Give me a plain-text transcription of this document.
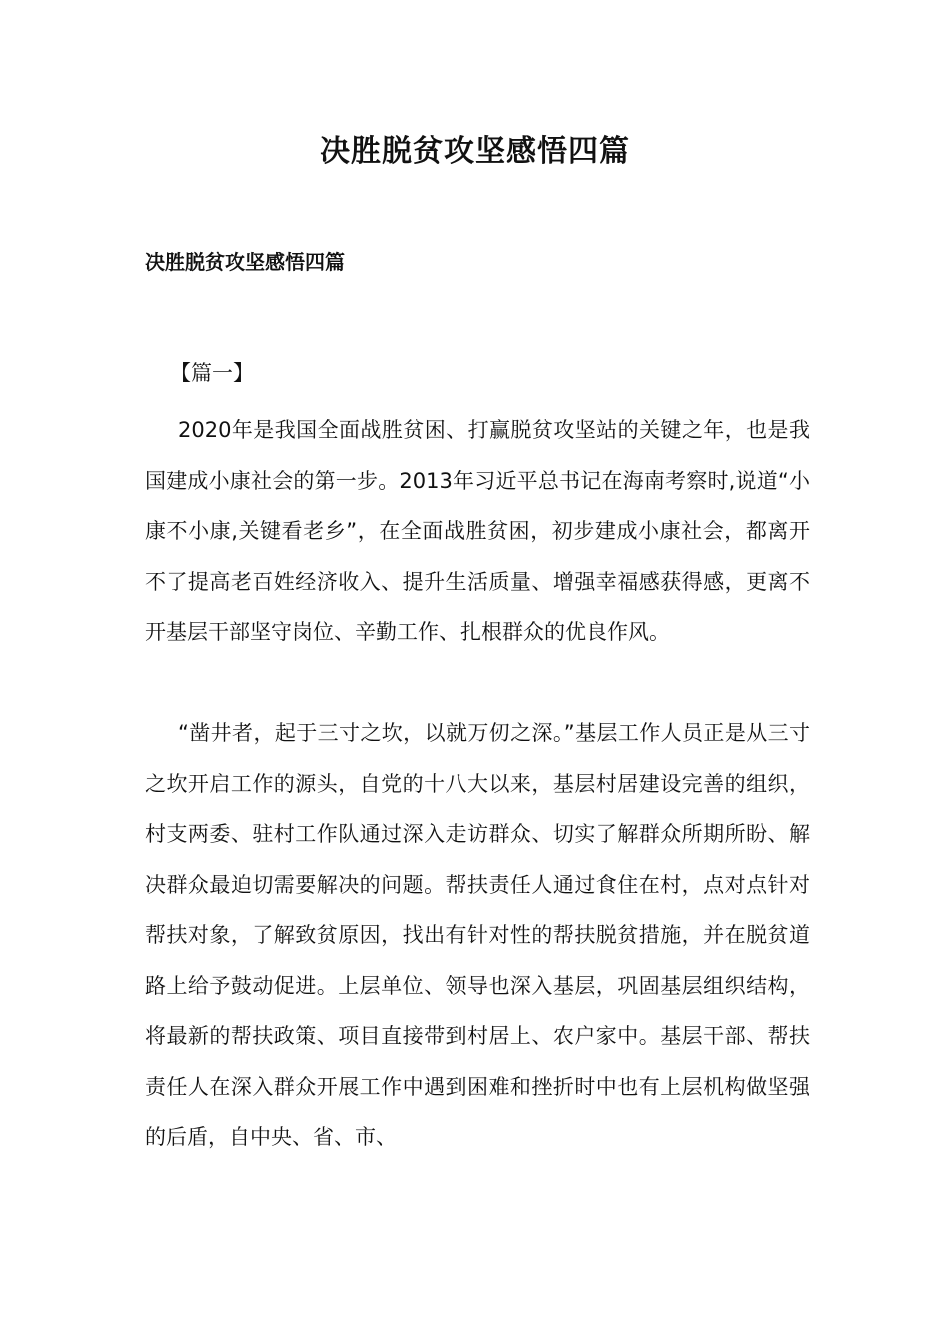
决胜脱贫攻坚感悟四篇
决胜脱贫攻坚感悟四篇
【篇一】

2020年是我国全面战胜贫困、打赢脱贫攻坚站的关键之年，也是我国建成小康社会的第一步。2013年习近平总书记在海南考察时,说道“小康不小康,关键看老乡”，在全面战胜贫困，初步建成小康社会，都离开不了提高老百姓经济收入、提升生活质量、增强幸福感获得感，更离不开基层干部坚守岗位、辛勤工作、扎根群众的优良作风。

“凿井者，起于三寸之坎，以就万仞之深。”基层工作人员正是从三寸之坎开启工作的源头，自党的十八大以来，基层村居建设完善的组织，村支两委、驻村工作队通过深入走访群众、切实了解群众所期所盼、解决群众最迫切需要解决的问题。帮扶责任人通过食住在村，点对点针对帮扶对象，了解致贫原因，找出有针对性的帮扶脱贫措施，并在脱贫道路上给予鼓动促进。上层单位、领导也深入基层，巩固基层组织结构，将最新的帮扶政策、项目直接带到村居上、农户家中。基层干部、帮扶责任人在深入群众开展工作中遇到困难和挫折时中也有上层机构做坚强的后盾，自中央、省、市、
